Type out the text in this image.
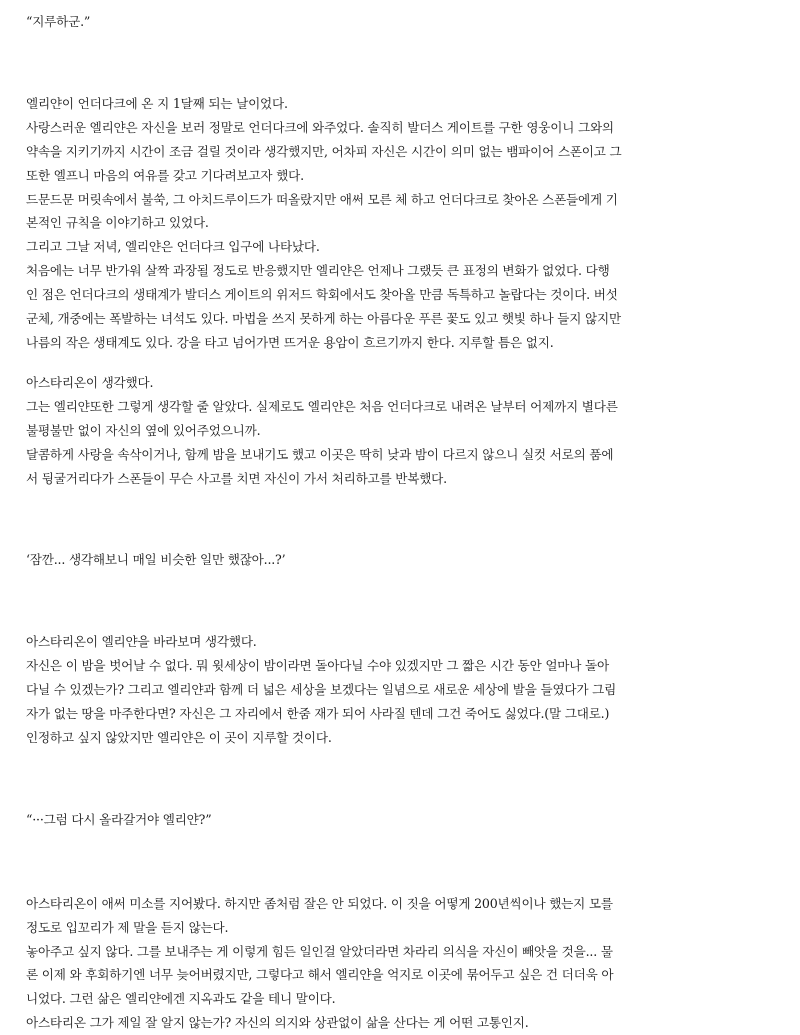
“지루하군.”

엘리얀이 언더다크에 온 지 1달째 되는 날이었다.
사랑스러운 엘리얀은 자신을 보러 정말로 언더다크에 와주었다. 솔직히 발더스 게이트를 구한 영웅이니 그와의
약속을 지키기까지 시간이 조금 걸릴 것이라 생각했지만, 어차피 자신은 시간이 의미 없는 뱀파이어 스폰이고 그
또한 엘프니 마음의 여유를 갖고 기다려보고자 했다.
드문드문 머릿속에서 불쑥, 그 아치드루이드가 떠올랐지만 애써 모른 체 하고 언더다크로 찾아온 스폰들에게 기
본적인 규칙을 이야기하고 있었다.
그리고 그날 저녁, 엘리얀은 언더다크 입구에 나타났다.
처음에는 너무 반가워 살짝 과장될 정도로 반응했지만 엘리얀은 언제나 그랬듯 큰 표정의 변화가 없었다. 다행
인 점은 언더다크의 생태계가 발더스 게이트의 위저드 학회에서도 찾아올 만큼 독특하고 놀랍다는 것이다. 버섯
군체, 개중에는 폭발하는 녀석도 있다. 마법을 쓰지 못하게 하는 아름다운 푸른 꽃도 있고 햇빛 하나 들지 않지만
나름의 작은 생태계도 있다. 강을 타고 넘어가면 뜨거운 용암이 흐르기까지 한다. 지루할 틈은 없지.

아스타리온이 생각했다.
그는 엘리얀또한 그렇게 생각할 줄 알았다. 실제로도 엘리얀은 처음 언더다크로 내려온 날부터 어제까지 별다른
불평불만 없이 자신의 옆에 있어주었으니까.
달콤하게 사랑을 속삭이거나, 함께 밤을 보내기도 했고 이곳은 딱히 낮과 밤이 다르지 않으니 실컷 서로의 품에
서 뒹굴거리다가 스폰들이 무슨 사고를 치면 자신이 가서 처리하고를 반복했다.

‘잠깐... 생각해보니 매일 비슷한 일만 했잖아...?’

아스타리온이 엘리얀을 바라보며 생각했다.
자신은 이 밤을 벗어날 수 없다. 뭐 윗세상이 밤이라면 돌아다닐 수야 있겠지만 그 짧은 시간 동안 얼마나 돌아
다닐 수 있겠는가? 그리고 엘리얀과 함께 더 넓은 세상을 보겠다는 일념으로 새로운 세상에 발을 들였다가 그림
자가 없는 땅을 마주한다면? 자신은 그 자리에서 한줌 재가 되어 사라질 텐데 그건 죽어도 싫었다.(말 그대로.)
인정하고 싶지 않았지만 엘리얀은 이 곳이 지루할 것이다.

“···그럼 다시 올라갈거야 엘리얀?”

아스타리온이 애써 미소를 지어봤다. 하지만 좀처럼 잘은 안 되었다. 이 짓을 어떻게 200년씩이나 했는지 모를
정도로 입꼬리가 제 말을 듣지 않는다.
놓아주고 싶지 않다. 그를 보내주는 게 이렇게 힘든 일인걸 알았더라면 차라리 의식을 자신이 빼앗을 것을... 물
론 이제 와 후회하기엔 너무 늦어버렸지만, 그렇다고 해서 엘리얀을 억지로 이곳에 묶어두고 싶은 건 더더욱 아
니었다. 그런 삶은 엘리얀에겐 지옥과도 같을 테니 말이다.
아스타리온 그가 제일 잘 알지 않는가? 자신의 의지와 상관없이 삶을 산다는 게 어떤 고통인지.
